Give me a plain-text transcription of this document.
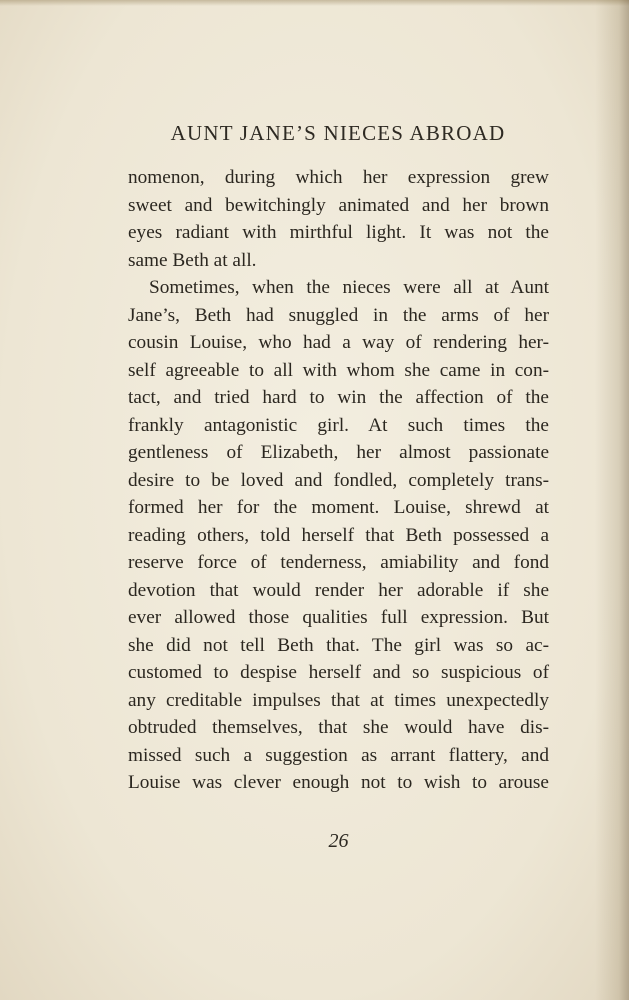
AUNT JANE’S NIECES ABROAD
nomenon, during which her expression grew
sweet and bewitchingly animated and her brown
eyes radiant with mirthful light. It was not the
same Beth at all.
Sometimes, when the nieces were all at Aunt
Jane’s, Beth had snuggled in the arms of her
cousin Louise, who had a way of rendering her-
self agreeable to all with whom she came in con-
tact, and tried hard to win the affection of the
frankly antagonistic girl. At such times the
gentleness of Elizabeth, her almost passionate
desire to be loved and fondled, completely trans-
formed her for the moment. Louise, shrewd at
reading others, told herself that Beth possessed a
reserve force of tenderness, amiability and fond
devotion that would render her adorable if she
ever allowed those qualities full expression. But
she did not tell Beth that. The girl was so ac-
customed to despise herself and so suspicious of
any creditable impulses that at times unexpectedly
obtruded themselves, that she would have dis-
missed such a suggestion as arrant flattery, and
Louise was clever enough not to wish to arouse
26
